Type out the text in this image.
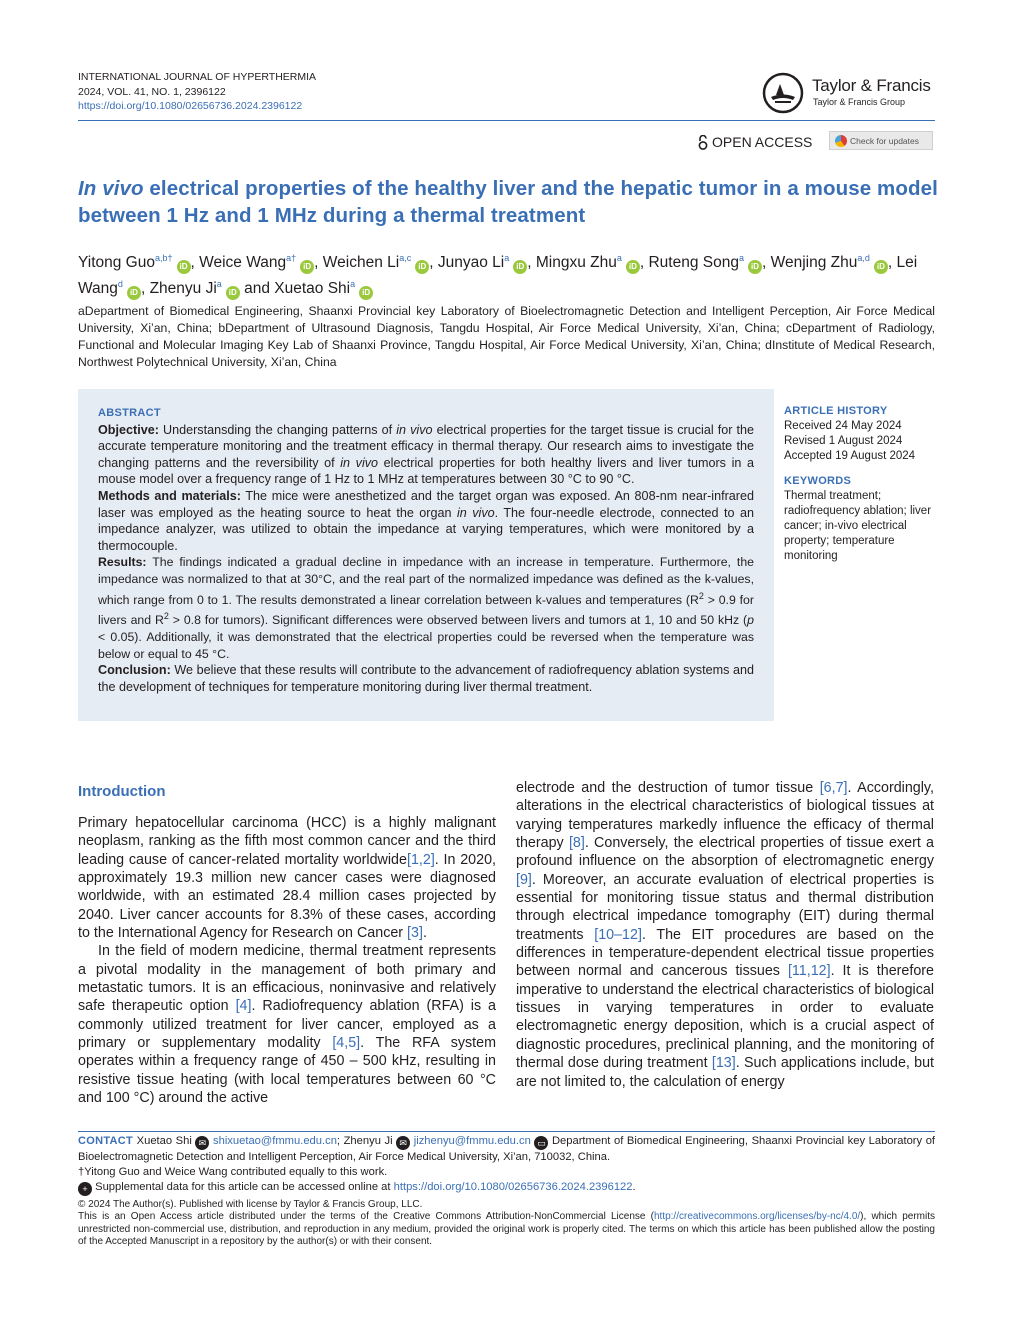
INTERNATIONAL JOURNAL OF HYPERTHERMIA
2024, VOL. 41, NO. 1, 2396122
https://doi.org/10.1080/02656736.2024.2396122
Taylor & Francis
Taylor & Francis Group
OPEN ACCESS	Check for updates
In vivo electrical properties of the healthy liver and the hepatic tumor in a mouse model between 1 Hz and 1 MHz during a thermal treatment
Yitong Guo$^{a,b\dagger}$iD , Weice Wang$^{a\dagger}$iD , Weichen Li$^{a,c}$iD , Junyao Li$^a$iD , Mingxu Zhu$^a$iD , Ruteng Song$^a$iD , Wenjing Zhu$^{a,d}$iD , Lei Wang$^d$iD , Zhenyu Ji$^a$iD and Xuetao Shi$^a$iD
aDepartment of Biomedical Engineering, Shaanxi Provincial key Laboratory of Bioelectromagnetic Detection and Intelligent Perception, Air Force Medical University, Xi’an, China; bDepartment of Ultrasound Diagnosis, Tangdu Hospital, Air Force Medical University, Xi’an, China; cDepartment of Radiology, Functional and Molecular Imaging Key Lab of Shaanxi Province, Tangdu Hospital, Air Force Medical University, Xi’an, China; dInstitute of Medical Research, Northwest Polytechnical University, Xi’an, China
ABSTRACT

Objective: Understansding the changing patterns of in vivo electrical properties for the target tissue is crucial for the accurate temperature monitoring and the treatment efficacy in thermal therapy. Our research aims to investigate the changing patterns and the reversibility of in vivo electrical properties for both healthy livers and liver tumors in a mouse model over a frequency range of 1 Hz to 1 MHz at temperatures between 30 °C to 90 °C.

Methods and materials: The mice were anesthetized and the target organ was exposed. An 808-nm near-infrared laser was employed as the heating source to heat the organ in vivo. The four-needle electrode, connected to an impedance analyzer, was utilized to obtain the impedance at varying temperatures, which were monitored by a thermocouple.

Results: The findings indicated a gradual decline in impedance with an increase in temperature. Furthermore, the impedance was normalized to that at 30°C, and the real part of the normalized impedance was defined as the k-values, which range from 0 to 1. The results demonstrated a linear correlation between k-values and temperatures ($R^2 > 0.9$ for livers and $R^2 > 0.8$ for tumors). Significant differences were observed between livers and tumors at 1, 10 and 50 kHz (p < 0.05). Additionally, it was demonstrated that the electrical properties could be reversed when the temperature was below or equal to 45 °C.

Conclusion: We believe that these results will contribute to the advancement of radiofrequency ablation systems and the development of techniques for temperature monitoring during liver thermal treatment.

ARTICLE HISTORY
Received 24 May 2024
Revised 1 August 2024
Accepted 19 August 2024
KEYWORDS
Thermal treatment; radiofrequency ablation; liver cancer; in-vivo electrical property; temperature monitoring
Introduction

Primary hepatocellular carcinoma (HCC) is a highly malignant neoplasm, ranking as the fifth most common cancer and the third leading cause of cancer-related mortality worldwide[1,2]. In 2020, approximately 19.3 million new cancer cases were diagnosed worldwide, with an estimated 28.4 million cases projected by 2040. Liver cancer accounts for 8.3% of these cases, according to the International Agency for Research on Cancer [3].

In the field of modern medicine, thermal treatment represents a pivotal modality in the management of both primary and metastatic tumors. It is an efficacious, noninvasive and relatively safe therapeutic option [4]. Radiofrequency ablation (RFA) is a commonly utilized treatment for liver cancer, employed as a primary or supplementary modality [4,5]. The RFA system operates within a frequency range of 450 – 500 kHz, resulting in resistive tissue heating (with local temperatures between 60 °C and 100 °C) around the active

electrode and the destruction of tumor tissue [6,7]. Accordingly, alterations in the electrical characteristics of biological tissues at varying temperatures markedly influence the efficacy of thermal therapy [8]. Conversely, the electrical properties of tissue exert a profound influence on the absorption of electromagnetic energy [9]. Moreover, an accurate evaluation of electrical properties is essential for monitoring tissue status and thermal distribution through electrical impedance tomography (EIT) during thermal treatments [10–12]. The EIT procedures are based on the differences in temperature-dependent electrical tissue properties between normal and cancerous tissues [11,12]. It is therefore imperative to understand the electrical characteristics of biological tissues in varying temperatures in order to evaluate electromagnetic energy deposition, which is a crucial aspect of diagnostic procedures, preclinical planning, and the monitoring of thermal dose during treatment [13]. Such applications include, but are not limited to, the calculation of energy

CONTACT Xuetao Shi ✉ shixuetao@fmmu.edu.cn; Zhenyu Ji ✉ jizhenyu@fmmu.edu.cn ▭ Department of Biomedical Engineering, Shaanxi Provincial key Laboratory of Bioelectromagnetic Detection and Intelligent Perception, Air Force Medical University, Xi’an, 710032, China.
†Yitong Guo and Weice Wang contributed equally to this work.
+ Supplemental data for this article can be accessed online at https://doi.org/10.1080/02656736.2024.2396122.
© 2024 The Author(s). Published with license by Taylor & Francis Group, LLC.
This is an Open Access article distributed under the terms of the Creative Commons Attribution-NonCommercial License (http://creativecommons.org/licenses/by-nc/4.0/), which permits unrestricted non-commercial use, distribution, and reproduction in any medium, provided the original work is properly cited. The terms on which this article has been published allow the posting of the Accepted Manuscript in a repository by the author(s) or with their consent.
